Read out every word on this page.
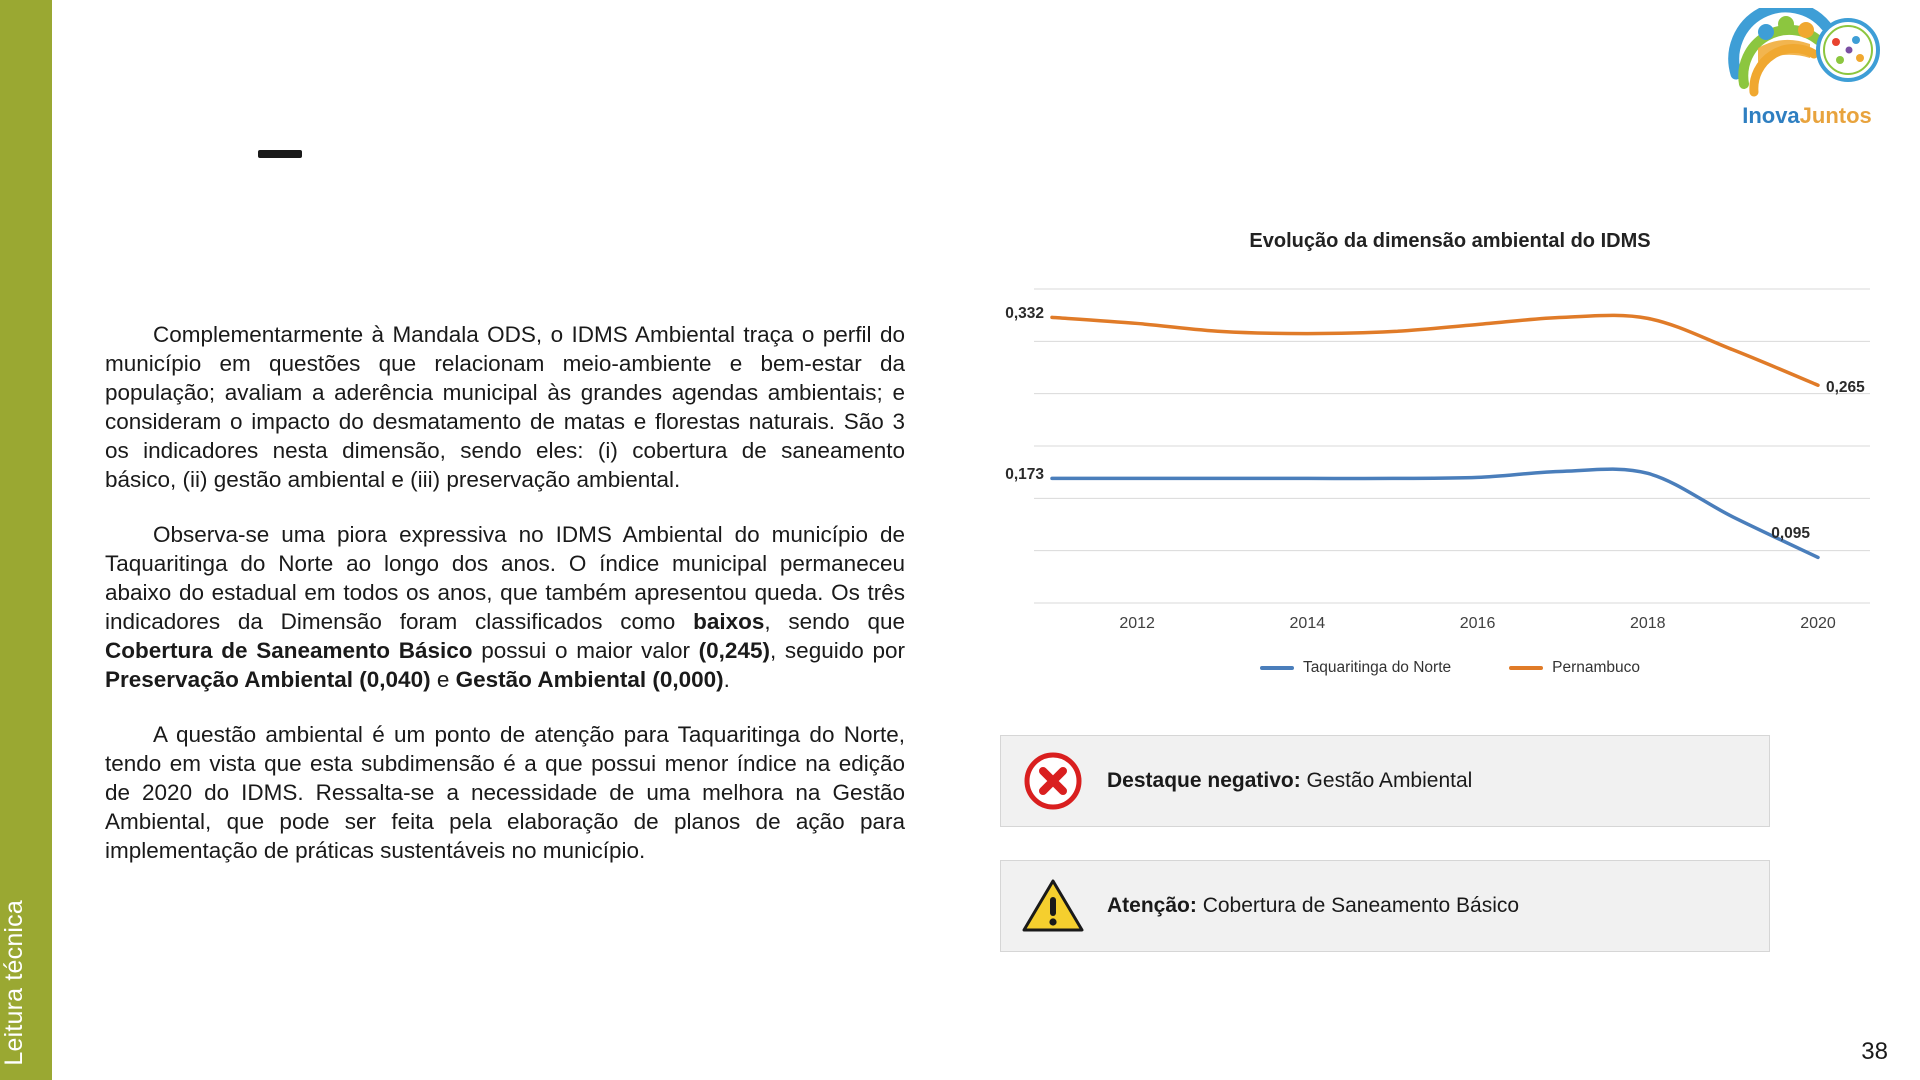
Leitura técnica
InovaJuntos

Complementarmente à Mandala ODS, o IDMS Ambiental traça o perfil do município em questões que relacionam meio-ambiente e bem-estar da população; avaliam a aderência municipal às grandes agendas ambientais; e consideram o impacto do desmatamento de matas e florestas naturais. São 3 os indicadores nesta dimensão, sendo eles: (i) cobertura de saneamento básico, (ii) gestão ambiental e (iii) preservação ambiental.

Observa-se uma piora expressiva no IDMS Ambiental do município de Taquaritinga do Norte ao longo dos anos. O índice municipal permaneceu abaixo do estadual em todos os anos, que também apresentou queda. Os três indicadores da Dimensão foram classificados como baixos, sendo que Cobertura de Saneamento Básico possui o maior valor (0,245), seguido por Preservação Ambiental (0,040) e Gestão Ambiental (0,000).

A questão ambiental é um ponto de atenção para Taquaritinga do Norte, tendo em vista que esta subdimensão é a que possui menor índice na edição de 2020 do IDMS. Ressalta-se a necessidade de uma melhora na Gestão Ambiental, que pode ser feita pela elaboração de planos de ação para implementação de práticas sustentáveis no município.

Evolução da dimensão ambiental do IDMS
0,332
0,265
0,173
0,095
2012	2014	2016	2018	2020
Taquaritinga do Norte	Pernambuco
Destaque negativo: Gestão Ambiental
Atenção: Cobertura de Saneamento Básico
38
